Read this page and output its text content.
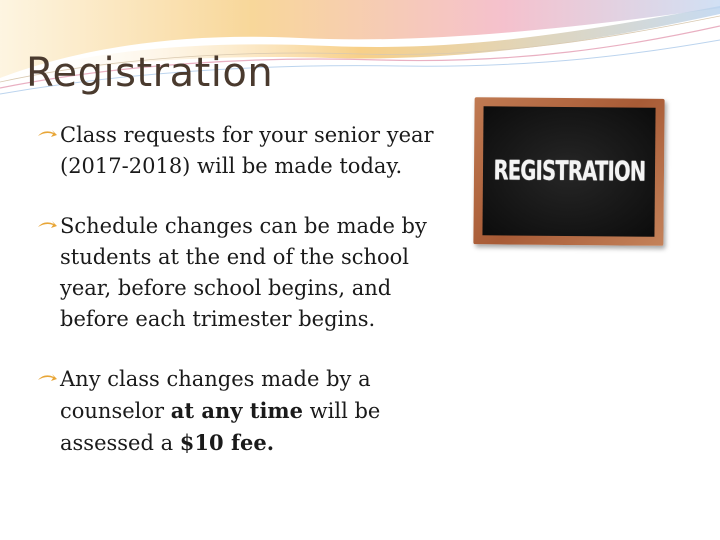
Registration
Class requests for your senior year (2017-2018) will be made today.
Schedule changes can be made by students at the end of the school year, before school begins, and before each trimester begins.
Any class changes made by a counselor at any time will be assessed a $10 fee.
REGISTRATION
